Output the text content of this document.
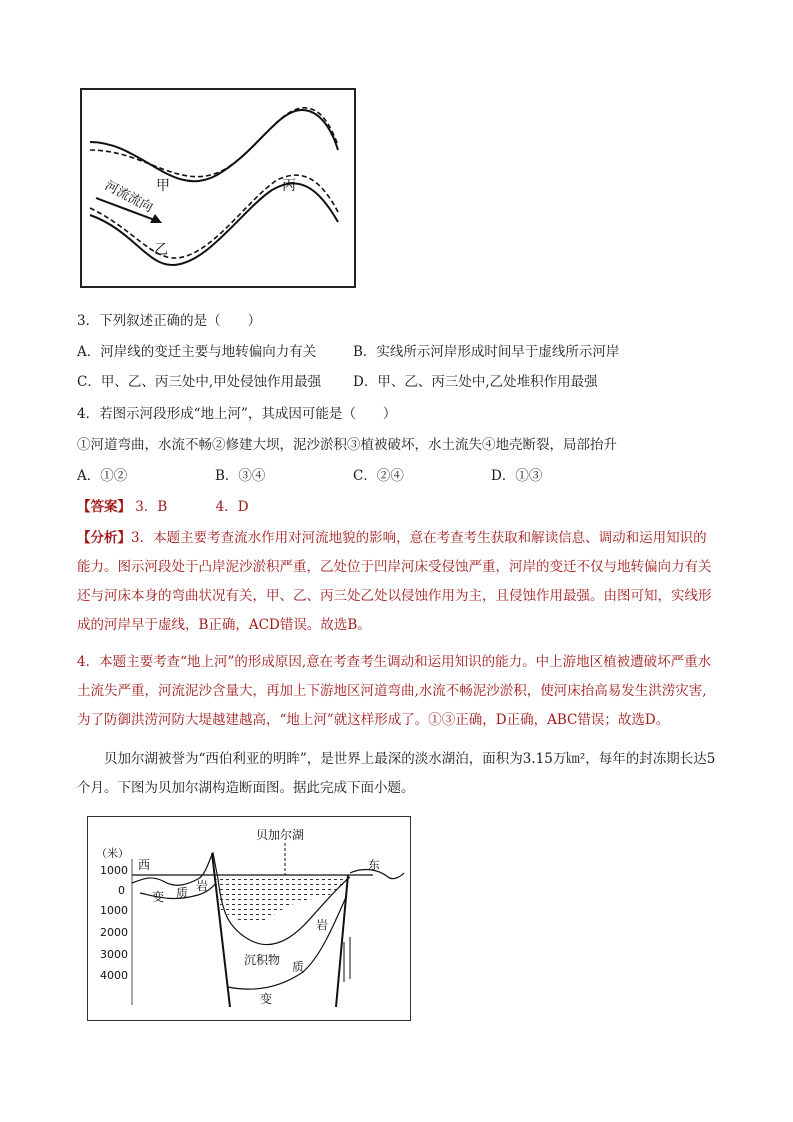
甲	丙
乙
河流流向
3．下列叙述正确的是（　　）
A．河岸线的变迁主要与地转偏向力有关	B．实线所示河岸形成时间早于虚线所示河岸
C．甲、乙、丙三处中,甲处侵蚀作用最强 D．甲、乙、丙三处中,乙处堆积作用最强
4．若图示河段形成“地上河”，其成因可能是（　　）
①河道弯曲，水流不畅②修建大坝，泥沙淤积③植被破坏，水土流失④地壳断裂，局部抬升
A．①②	B．③④	C．②④	D．①③
【答案】 3．B	4．D
【分析】3．本题主要考查流水作用对河流地貌的影响，意在考查考生获取和解读信息、调动和运用知识的能力。图示河段处于凸岸泥沙淤积严重，乙处位于凹岸河床受侵蚀严重，河岸的变迁不仅与地转偏向力有关还与河床本身的弯曲状况有关，甲、乙、丙三处乙处以侵蚀作用为主，且侵蚀作用最强。由图可知，实线形成的河岸早于虚线，B正确，ACD错误。故选B。
4．本题主要考查“地上河”的形成原因,意在考查考生调动和运用知识的能力。中上游地区植被遭破坏严重水土流失严重，河流泥沙含量大，再加上下游地区河道弯曲,水流不畅泥沙淤积，使河床抬高易发生洪涝灾害,为了防御洪涝河防大堤越建越高，“地上河”就这样形成了。①③正确，D正确，ABC错误；故选D。
贝加尔湖被誉为“西伯利亚的明眸”，是世界上最深的淡水湖泊，面积为3.15万㎞²，每年的封冻期长达5个月。下图为贝加尔湖构造断面图。据此完成下面小题。
（米）
1000
0
1000
2000
3000
4000
西	东
贝加尔湖
变 质 岩
沉积物
岩
质
变
